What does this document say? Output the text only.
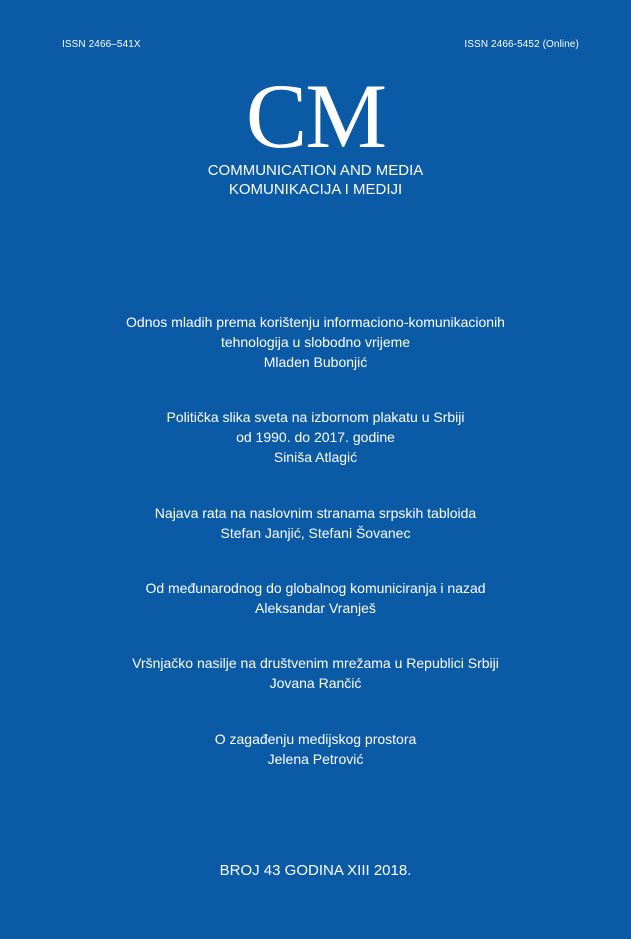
ISSN 2466–541X	ISSN 2466-5452 (Online)
CM
COMMUNICATION AND MEDIA
KOMUNIKACIJA I MEDIJI
Odnos mladih prema korištenju informaciono-komunikacionih
tehnologija u slobodno vrijeme
Mladen Bubonjić
Politička slika sveta na izbornom plakatu u Srbiji
od 1990. do 2017. godine
Siniša Atlagić
Najava rata na naslovnim stranama srpskih tabloida
Stefan Janjić, Stefani Šovanec
Od međunarodnog do globalnog komuniciranja i nazad
Aleksandar Vranješ
Vršnjačko nasilje na društvenim mrežama u Republici Srbiji
Jovana Rančić
O zagađenju medijskog prostora
Jelena Petrović
BROJ 43 GODINA XIII 2018.
